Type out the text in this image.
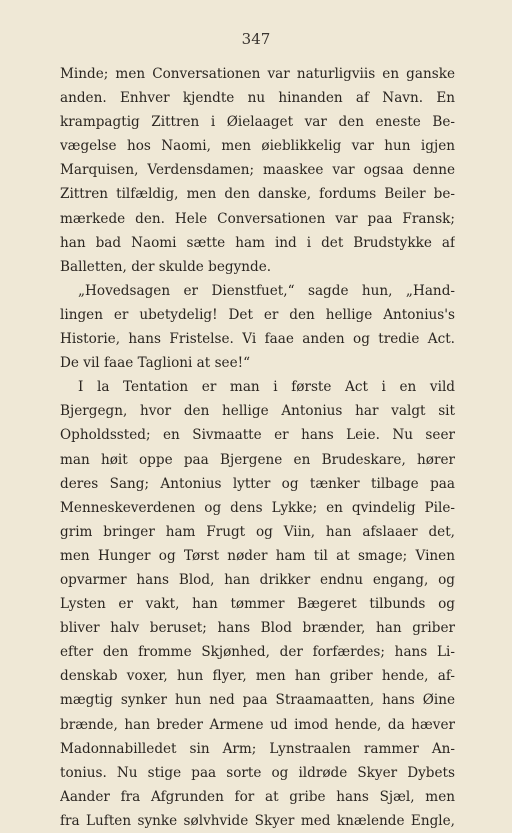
347
Minde; men Conversationen var naturligviis en ganske
anden. Enhver kjendte nu hinanden af Navn. En
krampagtig Zittren i Øielaaget var den eneste Be-
vægelse hos Naomi, men øieblikkelig var hun igjen
Marquisen, Verdensdamen; maaskee var ogsaa denne
Zittren tilfældig, men den danske, fordums Beiler be-
mærkede den. Hele Conversationen var paa Fransk;
han bad Naomi sætte ham ind i det Brudstykke af
Balletten, der skulde begynde.
„Hovedsagen er Dienstfuet,“ sagde hun, „Hand-
lingen er ubetydelig! Det er den hellige Antonius's
Historie, hans Fristelse. Vi faae anden og tredie Act.
De vil faae Taglioni at see!“
I la Tentation er man i første Act i en vild
Bjergegn, hvor den hellige Antonius har valgt sit
Opholdssted; en Sivmaatte er hans Leie. Nu seer
man høit oppe paa Bjergene en Brudeskare, hører
deres Sang; Antonius lytter og tænker tilbage paa
Menneskeverdenen og dens Lykke; en qvindelig Pile-
grim bringer ham Frugt og Viin, han afslaaer det,
men Hunger og Tørst nøder ham til at smage; Vinen
opvarmer hans Blod, han drikker endnu engang, og
Lysten er vakt, han tømmer Bægeret tilbunds og
bliver halv beruset; hans Blod brænder, han griber
efter den fromme Skjønhed, der forfærdes; hans Li-
denskab voxer, hun flyer, men han griber hende, af-
mægtig synker hun ned paa Straamaatten, hans Øine
brænde, han breder Armene ud imod hende, da hæver
Madonnabilledet sin Arm; Lynstraalen rammer An-
tonius. Nu stige paa sorte og ildrøde Skyer Dybets
Aander fra Afgrunden for at gribe hans Sjæl, men
fra Luften synke sølvhvide Skyer med knælende Engle,
